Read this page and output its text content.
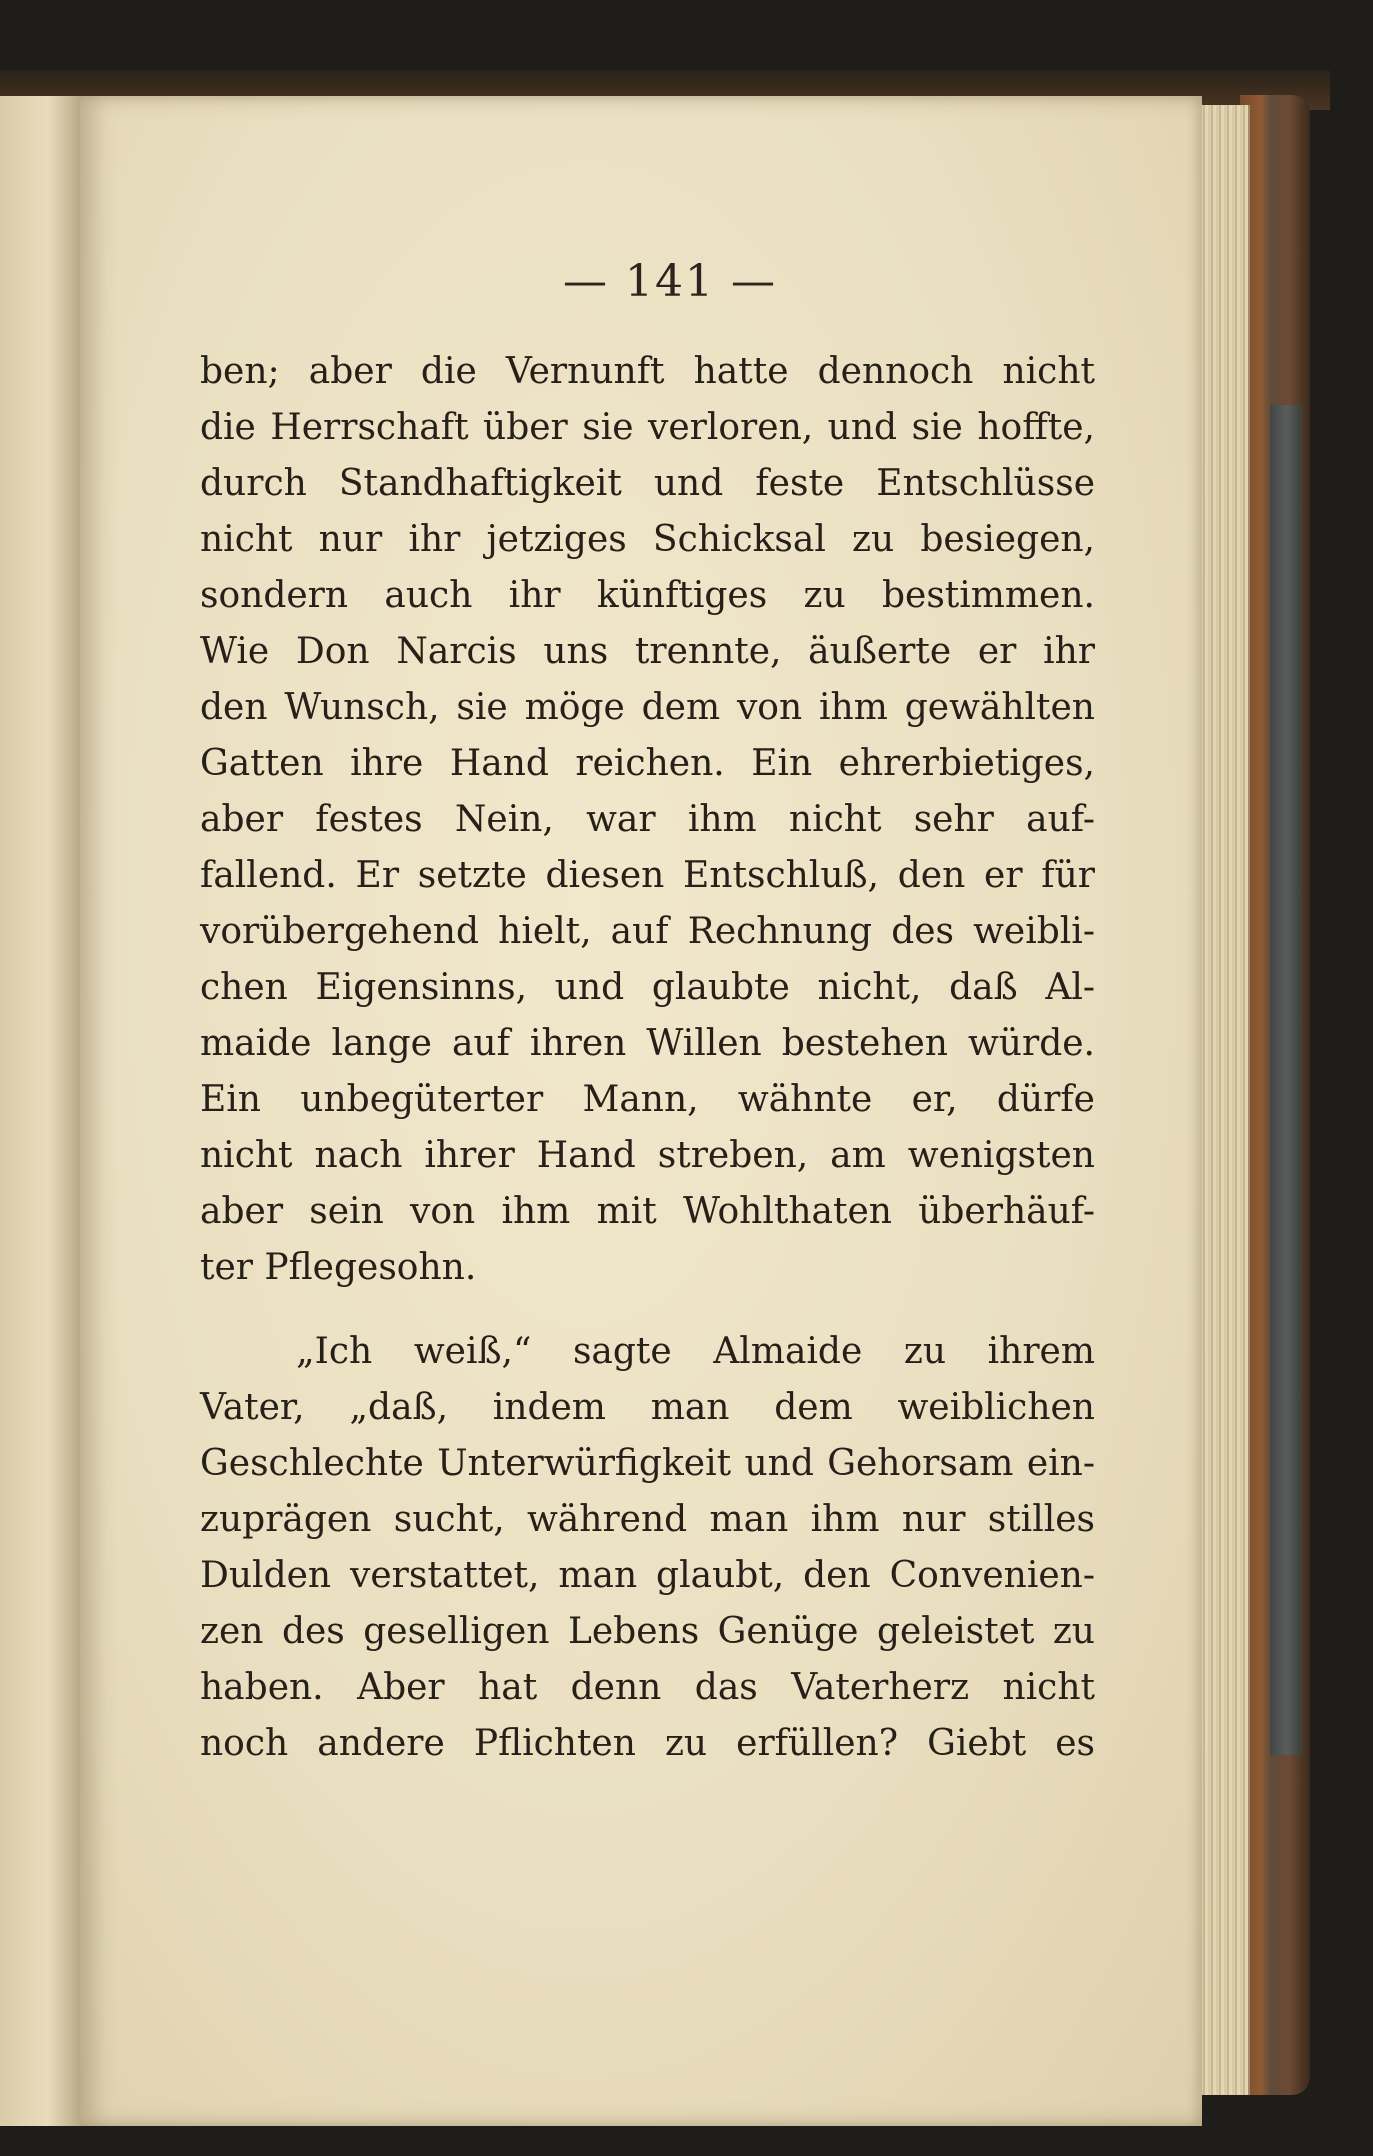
— 141 —

ben; aber die Vernunft hatte dennoch nicht
die Herrschaft über sie verloren, und sie hoffte,
durch Standhaftigkeit und feste Entschlüsse
nicht nur ihr jetziges Schicksal zu besiegen,
sondern auch ihr künftiges zu bestimmen.
Wie Don Narcis uns trennte, äußerte er ihr
den Wunsch, sie möge dem von ihm gewählten
Gatten ihre Hand reichen. Ein ehrerbietiges,
aber festes Nein, war ihm nicht sehr auf-
fallend. Er setzte diesen Entschluß, den er für
vorübergehend hielt, auf Rechnung des weibli-
chen Eigensinns, und glaubte nicht, daß Al-
maide lange auf ihren Willen bestehen würde.
Ein unbegüterter Mann, wähnte er, dürfe
nicht nach ihrer Hand streben, am wenigsten
aber sein von ihm mit Wohlthaten überhäuf-
ter Pflegesohn.
„Ich weiß,“ sagte Almaide zu ihrem
Vater, „daß, indem man dem weiblichen
Geschlechte Unterwürfigkeit und Gehorsam ein-
zuprägen sucht, während man ihm nur stilles
Dulden verstattet, man glaubt, den Convenien-
zen des geselligen Lebens Genüge geleistet zu
haben. Aber hat denn das Vaterherz nicht
noch andere Pflichten zu erfüllen? Giebt es
